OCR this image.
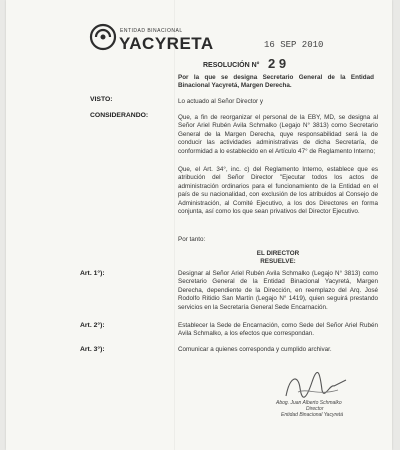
ENTIDAD BINACIONAL
YACYRETA	16 SEP 2010
RESOLUCIÓN N° 2 9
Por la que se designa Secretario General de la Entidad Binacional Yacyretá, Margen Derecha.
VISTO:	Lo actuado al Señor Director y
CONSIDERANDO:	Que, a fin de reorganizar el personal de la EBY, MD, se designa al Señor Ariel Rubén Avila Schmalko (Legajo N° 3813) como Secretario General de la Margen Derecha, quye responsabilidad será la de conducir las actividades administrativas de dicha Secretaría, de conformidad a lo establecido en el Artículo 47° de Reglamento Interno;
Que, el Art. 34°, inc. c) del Reglamento Interno, establece que es atribución del Señor Director "Ejecutar todos los actos de administración ordinarios para el funcionamiento de la Entidad en el país de su nacionalidad, con exclusión de los atribuidos al Consejo de Administración, al Comité Ejecutivo, a los dos Directores en forma conjunta, así como los que sean privativos del Director Ejecutivo.
Por tanto:
EL DIRECTOR
RESUELVE:
Art. 1°):	Designar al Señor Ariel Rubén Avila Schmalko (Legajo N° 3813) como Secretario General de la Entidad Binacional Yacyretá, Margen Derecha, dependiente de la Dirección, en reemplazo del Arq. José Rodolfo Ritidio San Martín (Legajo N° 1419), quien seguirá prestando servicios en la Secretaría General Sede Encarnación.
Art. 2°):	Establecer la Sede de Encarnación, como Sede del Señor Ariel Rubén Avila Schmalko, a los efectos que correspondan.
Art. 3°):	Comunicar a quienes corresponda y cumplido archivar.
Abog. Juan Alberto Schmalko
Director
Entidad Binacional Yacyretá
